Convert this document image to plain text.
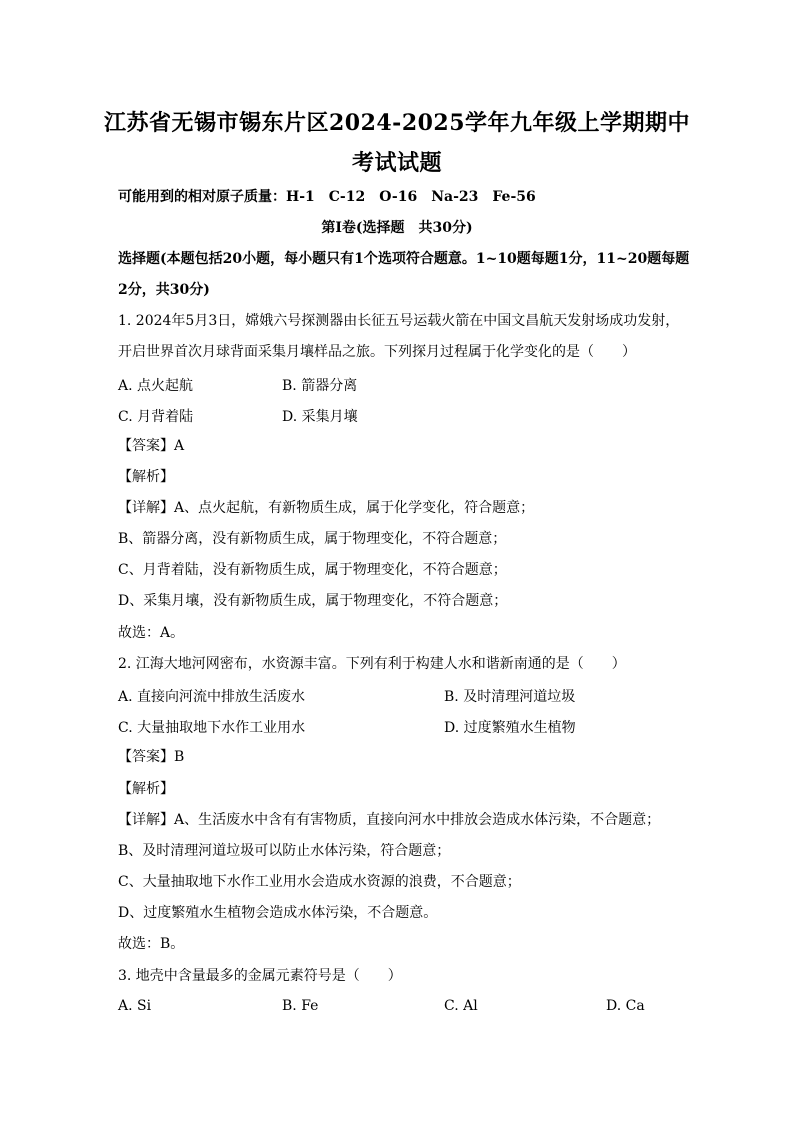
江苏省无锡市锡东片区2024-2025学年九年级上学期期中
考试试题
可能用到的相对原子质量：H-1　C-12　O-16　Na-23　Fe-56
第Ⅰ卷(选择题　共30分)
选择题(本题包括20小题，每小题只有1个选项符合题意。1~10题每题1分，11~20题每题
2分，共30分)
1. 2024年5月3日，嫦娥六号探测器由长征五号运载火箭在中国文昌航天发射场成功发射，
开启世界首次月球背面采集月壤样品之旅。下列探月过程属于化学变化的是（　　）
A. 点火起航	B. 箭器分离
C. 月背着陆	D. 采集月壤
【答案】A
【解析】
【详解】A、点火起航，有新物质生成，属于化学变化，符合题意；
B、箭器分离，没有新物质生成，属于物理变化，不符合题意；
C、月背着陆，没有新物质生成，属于物理变化，不符合题意；
D、采集月壤，没有新物质生成，属于物理变化，不符合题意；
故选：A。
2. 江海大地河网密布，水资源丰富。下列有利于构建人水和谐新南通的是（　　）
A. 直接向河流中排放生活废水	B. 及时清理河道垃圾
C. 大量抽取地下水作工业用水	D. 过度繁殖水生植物
【答案】B
【解析】
【详解】A、生活废水中含有有害物质，直接向河水中排放会造成水体污染，不合题意；
B、及时清理河道垃圾可以防止水体污染，符合题意；
C、大量抽取地下水作工业用水会造成水资源的浪费，不合题意；
D、过度繁殖水生植物会造成水体污染，不合题意。
故选：B。
3. 地壳中含量最多的金属元素符号是（　　）
A. Si	B. Fe	C. Al	D. Ca
